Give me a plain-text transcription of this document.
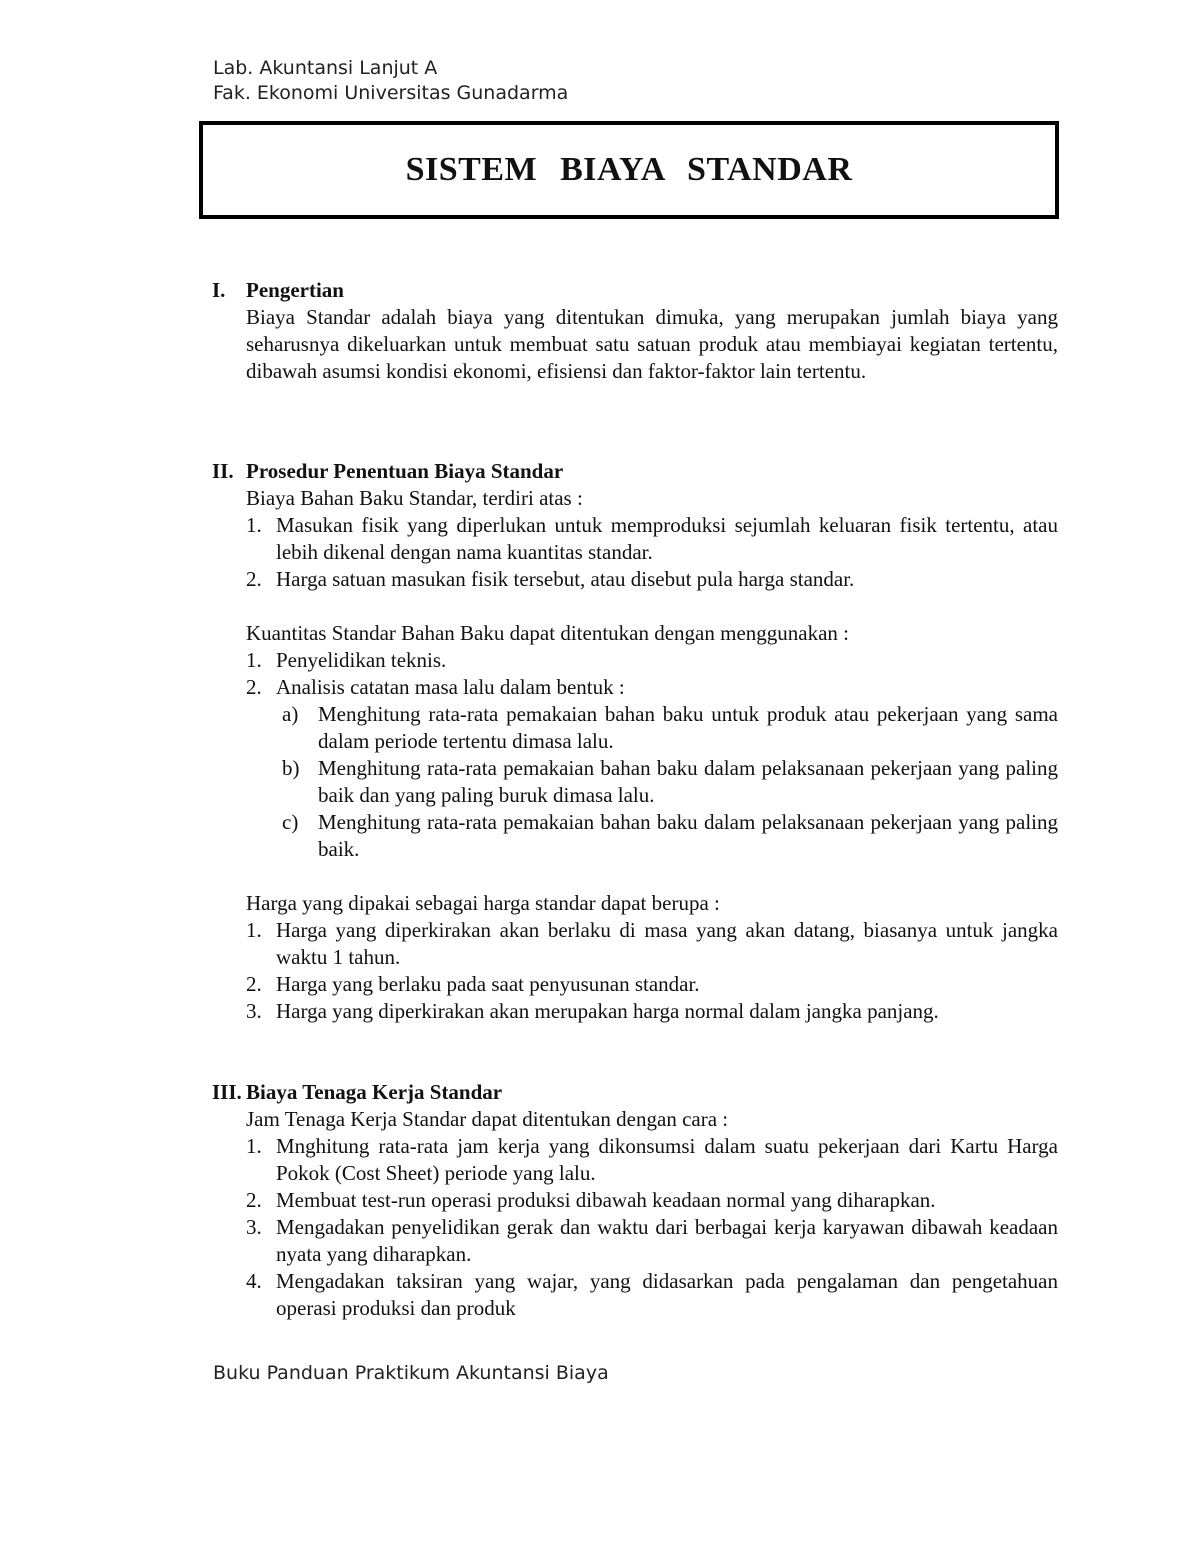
Lab. Akuntansi Lanjut A
Fak. Ekonomi Universitas Gunadarma
SISTEM BIAYA STANDAR
I. Pengertian

Biaya Standar adalah biaya yang ditentukan dimuka, yang merupakan jumlah biaya yang seharusnya dikeluarkan untuk membuat satu satuan produk atau membiayai kegiatan tertentu, dibawah asumsi kondisi ekonomi, efisiensi dan faktor-faktor lain tertentu.

II. Prosedur Penentuan Biaya Standar

Biaya Bahan Baku Standar, terdiri atas :

1. Masukan fisik yang diperlukan untuk memproduksi sejumlah keluaran fisik tertentu, atau lebih dikenal dengan nama kuantitas standar.
2. Harga satuan masukan fisik tersebut, atau disebut pula harga standar.

Kuantitas Standar Bahan Baku dapat ditentukan dengan menggunakan :

1. Penyelidikan teknis.
2. Analisis catatan masa lalu dalam bentuk :
a) Menghitung rata-rata pemakaian bahan baku untuk produk atau pekerjaan yang sama dalam periode tertentu dimasa lalu.
b) Menghitung rata-rata pemakaian bahan baku dalam pelaksanaan pekerjaan yang paling baik dan yang paling buruk dimasa lalu.
c) Menghitung rata-rata pemakaian bahan baku dalam pelaksanaan pekerjaan yang paling baik.

Harga yang dipakai sebagai harga standar dapat berupa :

1. Harga yang diperkirakan akan berlaku di masa yang akan datang, biasanya untuk jangka waktu 1 tahun.
2. Harga yang berlaku pada saat penyusunan standar.
3. Harga yang diperkirakan akan merupakan harga normal dalam jangka panjang.
III. Biaya Tenaga Kerja Standar

Jam Tenaga Kerja Standar dapat ditentukan dengan cara :

1. Mnghitung rata-rata jam kerja yang dikonsumsi dalam suatu pekerjaan dari Kartu Harga Pokok (Cost Sheet) periode yang lalu.
2. Membuat test-run operasi produksi dibawah keadaan normal yang diharapkan.
3. Mengadakan penyelidikan gerak dan waktu dari berbagai kerja karyawan dibawah keadaan nyata yang diharapkan.
4. Mengadakan taksiran yang wajar, yang didasarkan pada pengalaman dan pengetahuan operasi produksi dan produk
Buku Panduan Praktikum Akuntansi Biaya
